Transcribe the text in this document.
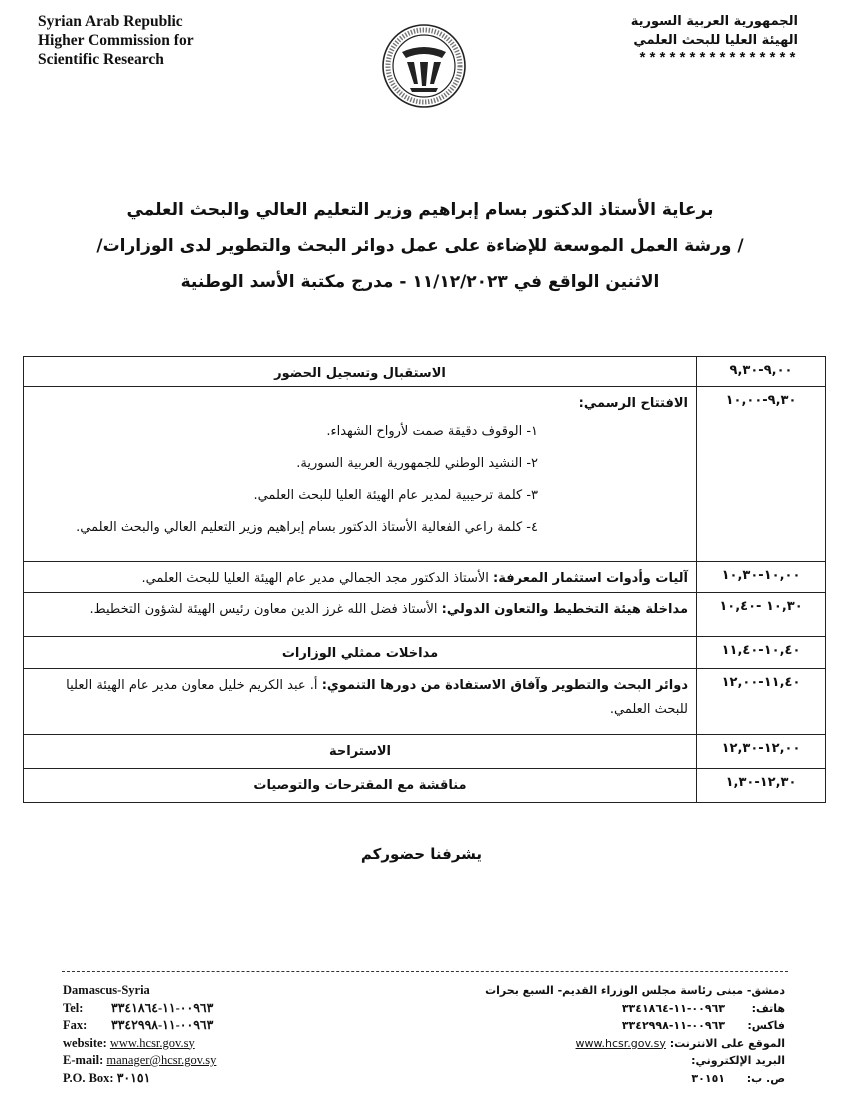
Syrian Arab Republic
Higher Commission for
Scientific Research
الجمهورية العربية السورية
الهيئة العليا للبحث العلمي
****************
برعاية الأستاذ الدكتور بسام إبراهيم وزير التعليم العالي والبحث العلمي
/ ورشة العمل الموسعة للإضاءة على عمل دوائر البحث والتطوير لدى الوزارات/
الاثنين الواقع في ١١/١٢/٢٠٢٣ - مدرج مكتبة الأسد الوطنية
٩,٠٠-٩,٣٠	الاستقبال وتسجيل الحضور
٩,٣٠-١٠,٠٠	الافتتاح الرسمي:
١- الوقوف دقيقة صمت لأرواح الشهداء.
٢- النشيد الوطني للجمهورية العربية السورية.
٣- كلمة ترحيبية لمدير عام الهيئة العليا للبحث العلمي.
٤- كلمة راعي الفعالية الأستاذ الدكتور بسام إبراهيم وزير التعليم العالي والبحث العلمي.

١٠,٠٠-١٠,٣٠	آليات وأدوات استثمار المعرفة: الأستاذ الدكتور مجد الجمالي مدير عام الهيئة العليا للبحث العلمي.
١٠,٣٠ -١٠,٤٠	مداخلة هيئة التخطيط والتعاون الدولي: الأستاذ فضل الله غرز الدين معاون رئيس الهيئة لشؤون التخطيط.
١٠,٤٠-١١,٤٠	مداخلات ممثلي الوزارات
١١,٤٠-١٢,٠٠	دوائر البحث والتطوير وآفاق الاستفادة من دورها التنموي: أ. عبد الكريم خليل معاون مدير عام الهيئة العليا للبحث العلمي.
١٢,٠٠-١٢,٣٠	الاستراحة
١٢,٣٠-١,٣٠	مناقشة مع المقترحات والتوصيات
يشرفنا حضوركم
Damascus-Syria
Tel: ٠٠٩٦٣-١١-٣٣٤١٨٦٤
Fax: ٠٠٩٦٣-١١-٣٣٤٢٩٩٨
website: www.hcsr.gov.sy
E-mail: manager@hcsr.gov.sy
P.O. Box: ٣٠١٥١
دمشق- مبنى رئاسة مجلس الوزراء القديم- السبع بحرات
هاتف:٠٠٩٦٣-١١-٣٣٤١٨٦٤
فاكس:٠٠٩٦٣-١١-٣٣٤٢٩٩٨
الموقع على الانترنت: www.hcsr.gov.sy
البريد الإلكتروني:
ص. ب:٣٠١٥١
